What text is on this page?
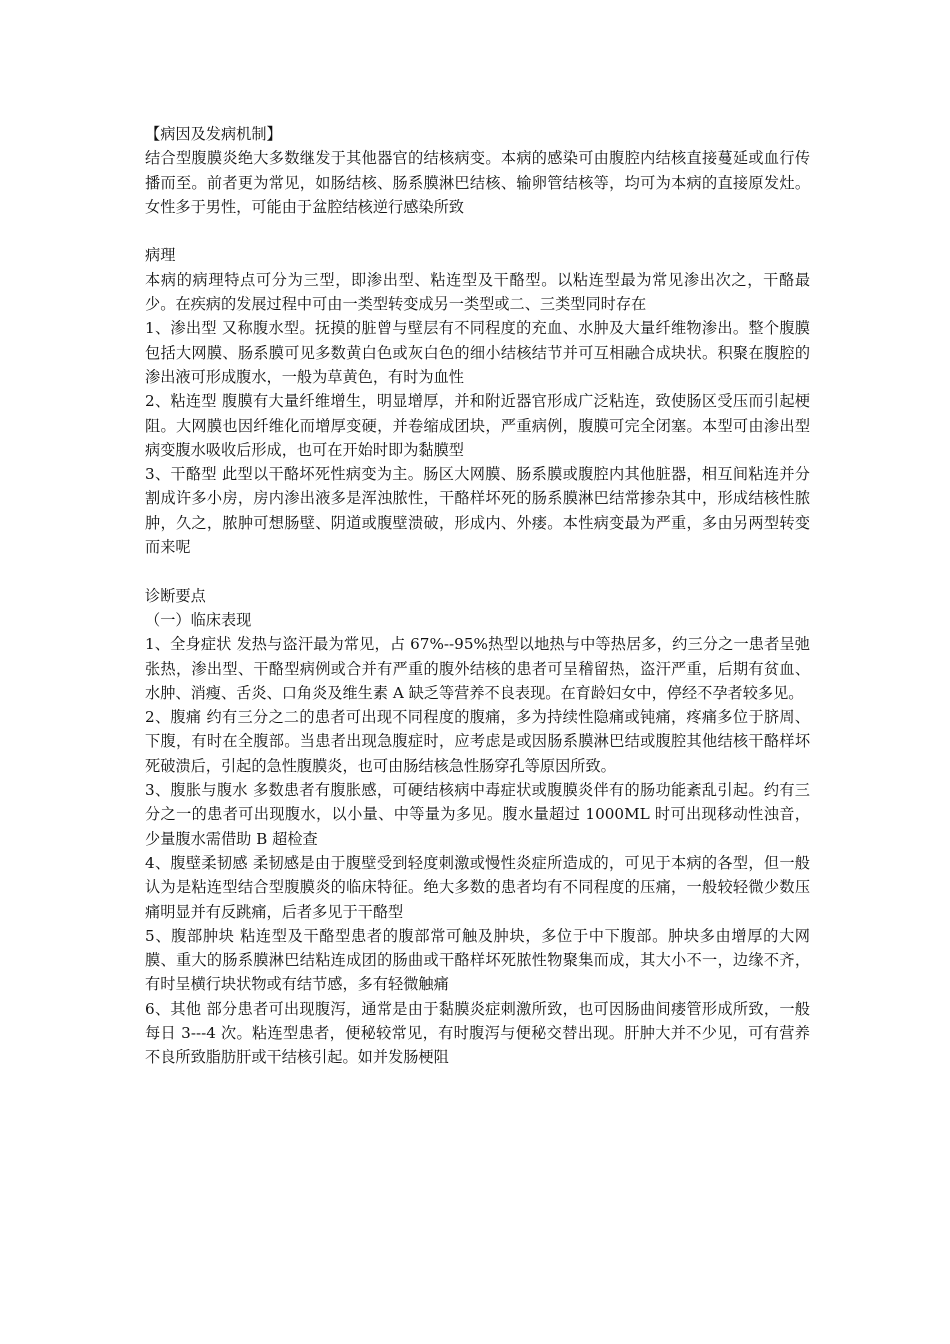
【病因及发病机制】

结合型腹膜炎绝大多数继发于其他器官的结核病变。本病的感染可由腹腔内结核直接蔓延或血行传播而至。前者更为常见，如肠结核、肠系膜淋巴结核、输卵管结核等，均可为本病的直接原发灶。女性多于男性，可能由于盆腔结核逆行感染所致

病理

本病的病理特点可分为三型，即渗出型、粘连型及干酪型。以粘连型最为常见渗出次之，干酪最少。在疾病的发展过程中可由一类型转变成另一类型或二、三类型同时存在

1、渗出型 又称腹水型。抚摸的脏曾与壁层有不同程度的充血、水肿及大量纤维物渗出。整个腹膜包括大网膜、肠系膜可见多数黄白色或灰白色的细小结核结节并可互相融合成块状。积聚在腹腔的渗出液可形成腹水，一般为草黄色，有时为血性

2、粘连型 腹膜有大量纤维增生，明显增厚，并和附近器官形成广泛粘连，致使肠区受压而引起梗阻。大网膜也因纤维化而增厚变硬，并卷缩成团块，严重病例，腹膜可完全闭塞。本型可由渗出型病变腹水吸收后形成，也可在开始时即为黏膜型

3、干酪型 此型以干酪坏死性病变为主。肠区大网膜、肠系膜或腹腔内其他脏器，相互间粘连并分割成许多小房，房内渗出液多是浑浊脓性，干酪样坏死的肠系膜淋巴结常掺杂其中，形成结核性脓肿，久之，脓肿可想肠壁、阴道或腹壁溃破，形成内、外瘘。本性病变最为严重，多由另两型转变而来呢

诊断要点

（一）临床表现

1、全身症状 发热与盗汗最为常见，占 67%--95%热型以地热与中等热居多，约三分之一患者呈弛张热，渗出型、干酪型病例或合并有严重的腹外结核的患者可呈稽留热，盗汗严重，后期有贫血、水肿、消瘦、舌炎、口角炎及维生素 A 缺乏等营养不良表现。在育龄妇女中，停经不孕者较多见。

2、腹痛 约有三分之二的患者可出现不同程度的腹痛，多为持续性隐痛或钝痛，疼痛多位于脐周、下腹，有时在全腹部。当患者出现急腹症时，应考虑是或因肠系膜淋巴结或腹腔其他结核干酪样坏死破溃后，引起的急性腹膜炎，也可由肠结核急性肠穿孔等原因所致。

3、腹胀与腹水 多数患者有腹胀感，可硬结核病中毒症状或腹膜炎伴有的肠功能紊乱引起。约有三分之一的患者可出现腹水，以小量、中等量为多见。腹水量超过 1000ML 时可出现移动性浊音，少量腹水需借助 B 超检查

4、腹壁柔韧感 柔韧感是由于腹壁受到轻度刺激或慢性炎症所造成的，可见于本病的各型，但一般认为是粘连型结合型腹膜炎的临床特征。绝大多数的患者均有不同程度的压痛，一般较轻微少数压痛明显并有反跳痛，后者多见于干酪型

5、腹部肿块 粘连型及干酪型患者的腹部常可触及肿块，多位于中下腹部。肿块多由增厚的大网膜、重大的肠系膜淋巴结粘连成团的肠曲或干酪样坏死脓性物聚集而成，其大小不一，边缘不齐，有时呈横行块状物或有结节感，多有轻微触痛

6、其他 部分患者可出现腹泻，通常是由于黏膜炎症刺激所致，也可因肠曲间瘘管形成所致，一般每日 3---4 次。粘连型患者，便秘较常见，有时腹泻与便秘交替出现。肝肿大并不少见，可有营养不良所致脂肪肝或干结核引起。如并发肠梗阻
